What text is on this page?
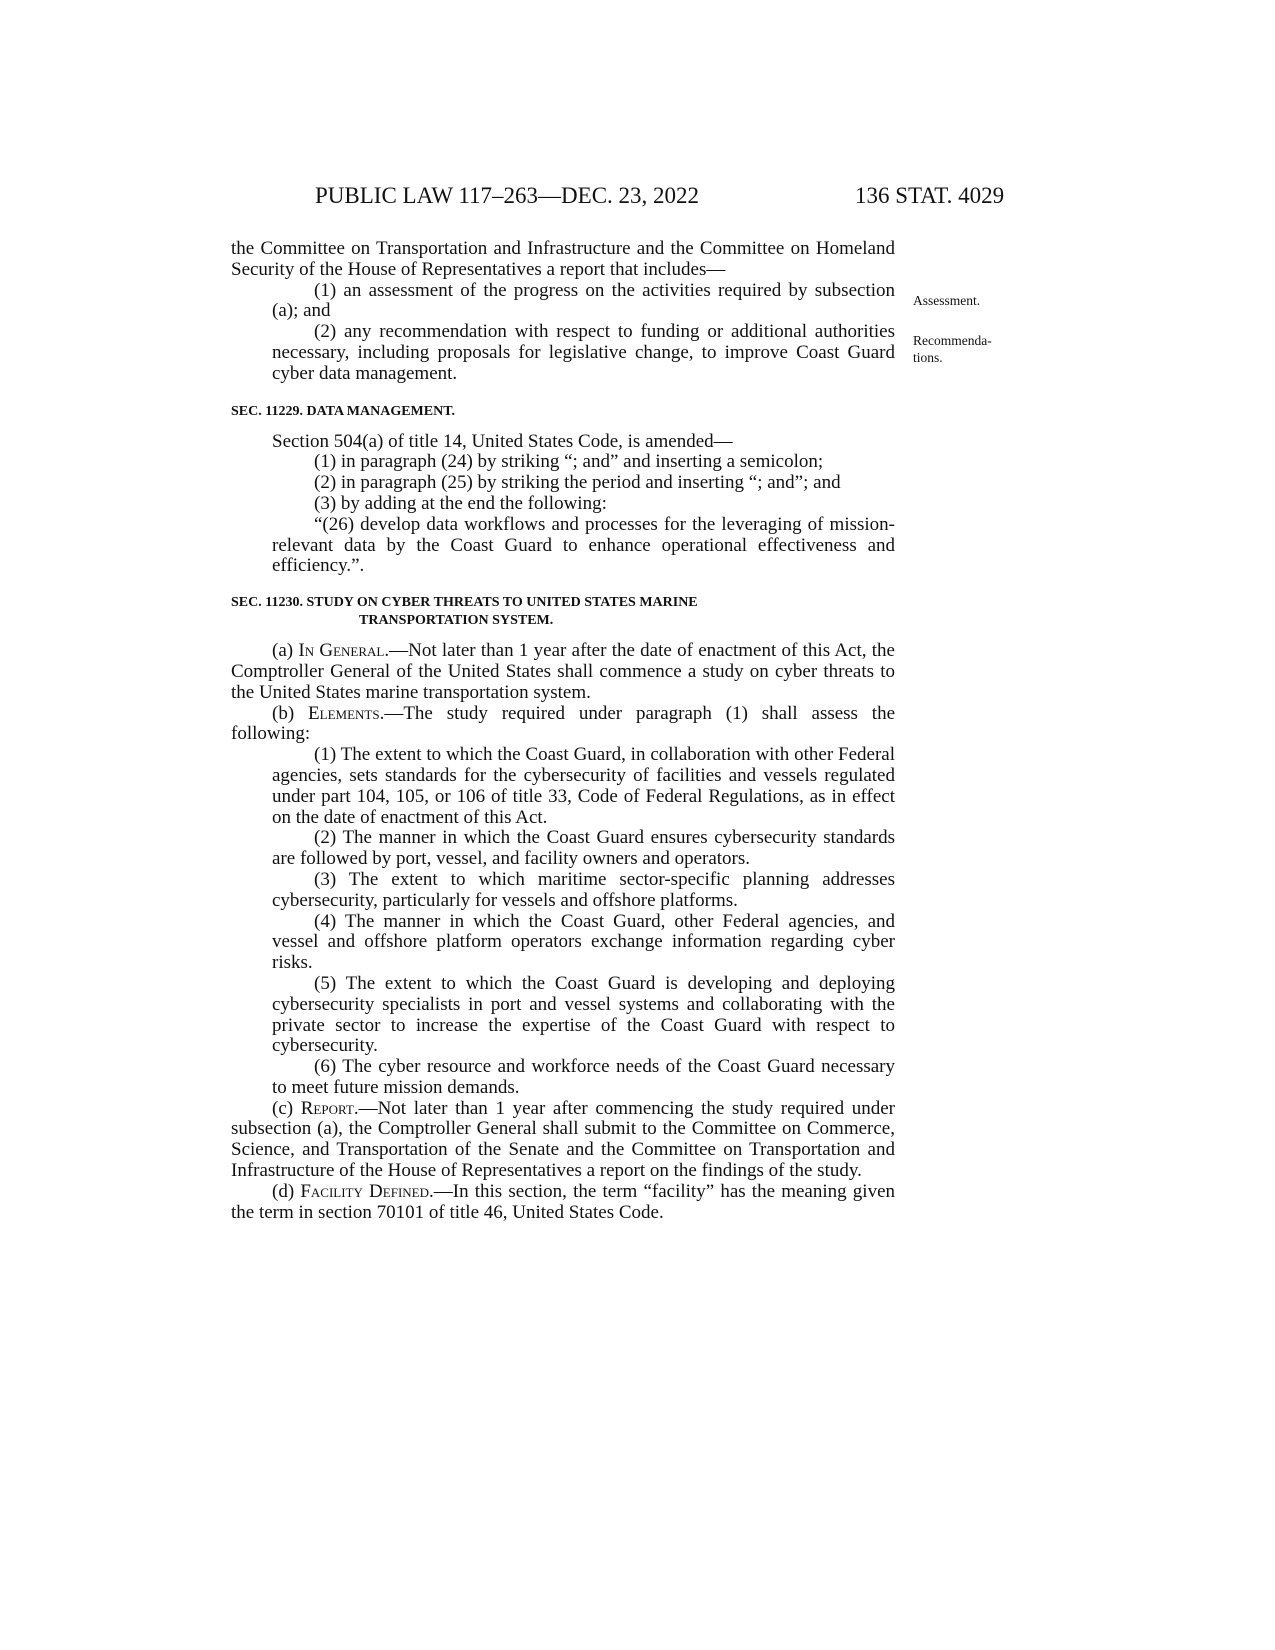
PUBLIC LAW 117–263—DEC. 23, 2022	136 STAT. 4029
Assessment.
Recommenda-
tions.

the Committee on Transportation and Infrastructure and the Committee on Homeland Security of the House of Representatives a report that includes—

(1) an assessment of the progress on the activities required by subsection (a); and

(2) any recommendation with respect to funding or additional authorities necessary, including proposals for legislative change, to improve Coast Guard cyber data management.

SEC. 11229. DATA MANAGEMENT.

Section 504(a) of title 14, United States Code, is amended—

(1) in paragraph (24) by striking “; and” and inserting a semicolon;

(2) in paragraph (25) by striking the period and inserting “; and”; and

(3) by adding at the end the following:

“(26) develop data workflows and processes for the leveraging of mission-relevant data by the Coast Guard to enhance operational effectiveness and efficiency.”.

SEC. 11230. STUDY ON CYBER THREATS TO UNITED STATES MARINE
TRANSPORTATION SYSTEM.

(a) In General.—Not later than 1 year after the date of enactment of this Act, the Comptroller General of the United States shall commence a study on cyber threats to the United States marine transportation system.

(b) Elements.—The study required under paragraph (1) shall assess the following:

(1) The extent to which the Coast Guard, in collaboration with other Federal agencies, sets standards for the cybersecurity of facilities and vessels regulated under part 104, 105, or 106 of title 33, Code of Federal Regulations, as in effect on the date of enactment of this Act.

(2) The manner in which the Coast Guard ensures cybersecurity standards are followed by port, vessel, and facility owners and operators.

(3) The extent to which maritime sector-specific planning addresses cybersecurity, particularly for vessels and offshore platforms.

(4) The manner in which the Coast Guard, other Federal agencies, and vessel and offshore platform operators exchange information regarding cyber risks.

(5) The extent to which the Coast Guard is developing and deploying cybersecurity specialists in port and vessel systems and collaborating with the private sector to increase the expertise of the Coast Guard with respect to cybersecurity.

(6) The cyber resource and workforce needs of the Coast Guard necessary to meet future mission demands.

(c) Report.—Not later than 1 year after commencing the study required under subsection (a), the Comptroller General shall submit to the Committee on Commerce, Science, and Transportation of the Senate and the Committee on Transportation and Infrastructure of the House of Representatives a report on the findings of the study.

(d) Facility Defined.—In this section, the term “facility” has the meaning given the term in section 70101 of title 46, United States Code.
